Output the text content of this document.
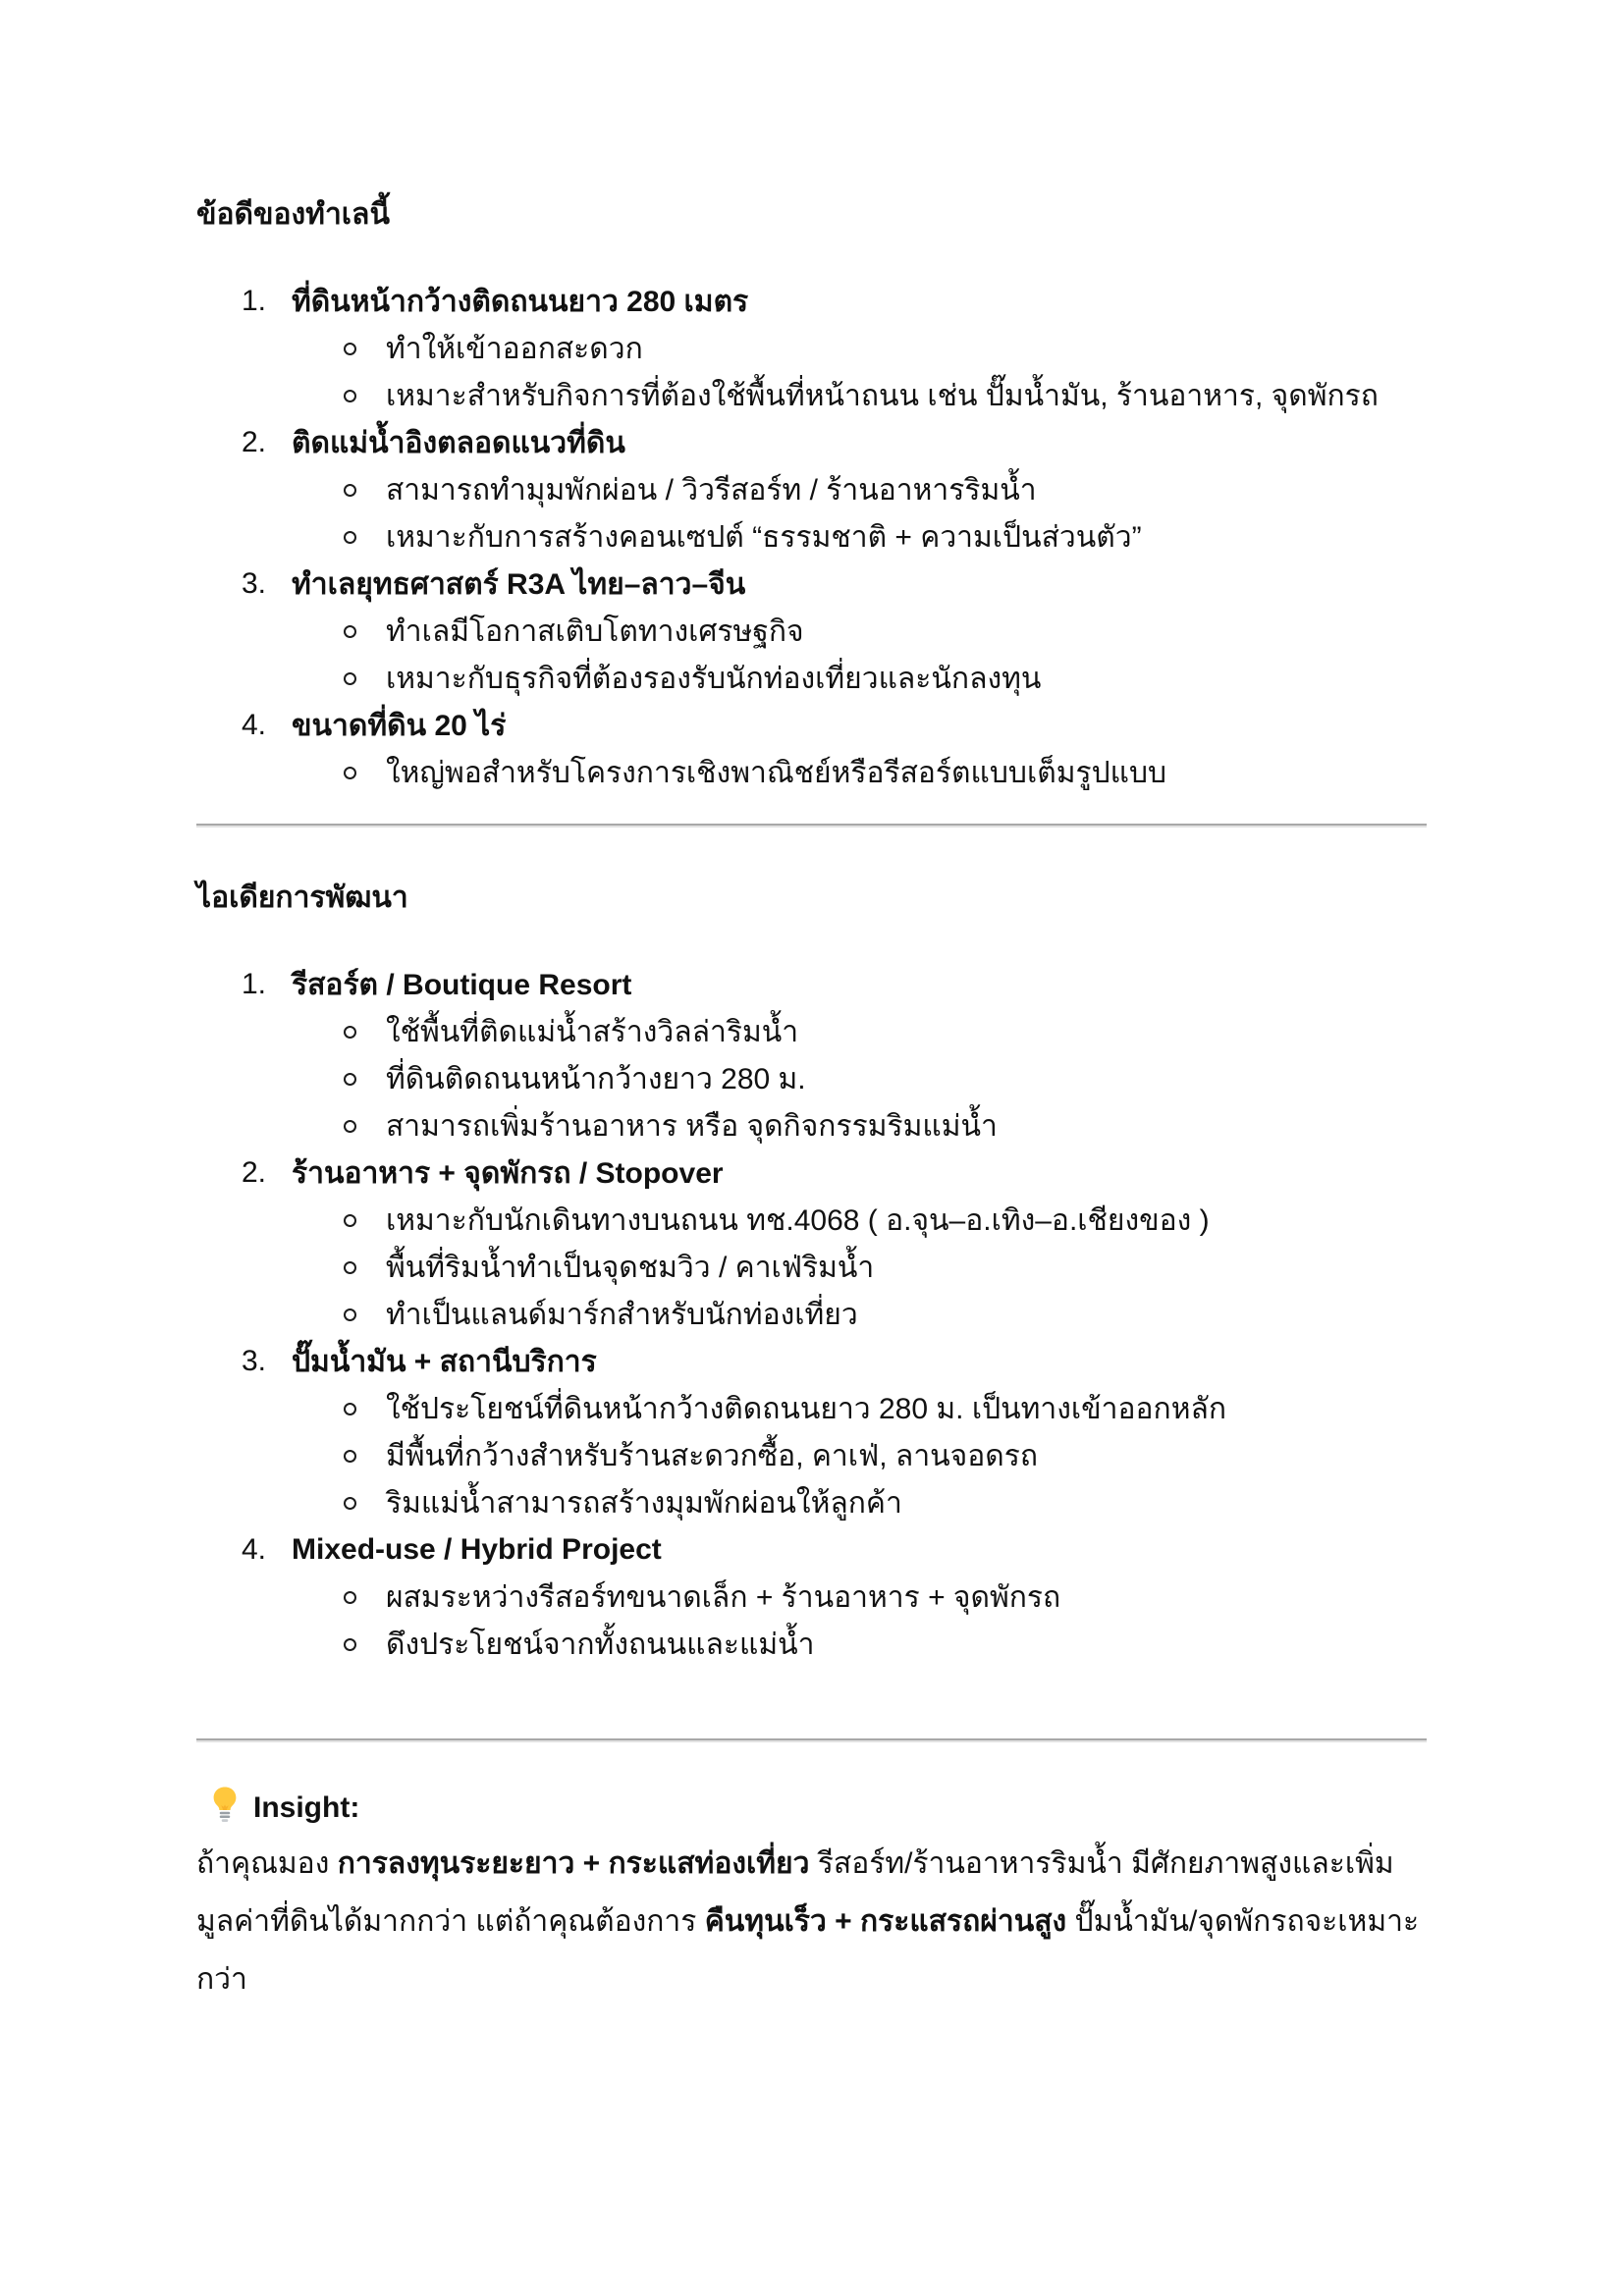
ข้อดีของทำเลนี้

1. ที่ดินหน้ากว้างติดถนนยาว 280 เมตร
ทำให้เข้าออกสะดวก
เหมาะสำหรับกิจการที่ต้องใช้พื้นที่หน้าถนน เช่น ปั๊มน้ำมัน, ร้านอาหาร, จุดพักรถ
2. ติดแม่น้ำอิงตลอดแนวที่ดิน
สามารถทำมุมพักผ่อน / วิวรีสอร์ท / ร้านอาหารริมน้ำ
เหมาะกับการสร้างคอนเซปต์ “ธรรมชาติ + ความเป็นส่วนตัว”
3. ทำเลยุทธศาสตร์ R3A ไทย–ลาว–จีน
ทำเลมีโอกาสเติบโตทางเศรษฐกิจ
เหมาะกับธุรกิจที่ต้องรองรับนักท่องเที่ยวและนักลงทุน
4. ขนาดที่ดิน 20 ไร่
ใหญ่พอสำหรับโครงการเชิงพาณิชย์หรือรีสอร์ตแบบเต็มรูปแบบ

ไอเดียการพัฒนา

1. รีสอร์ต / Boutique Resort
ใช้พื้นที่ติดแม่น้ำสร้างวิลล่าริมน้ำ
ที่ดินติดถนนหน้ากว้างยาว 280 ม.
สามารถเพิ่มร้านอาหาร หรือ จุดกิจกรรมริมแม่น้ำ
2. ร้านอาหาร + จุดพักรถ / Stopover
เหมาะกับนักเดินทางบนถนน ทช.4068 ( อ.จุน–อ.เทิง–อ.เชียงของ )
พื้นที่ริมน้ำทำเป็นจุดชมวิว / คาเฟ่ริมน้ำ
ทำเป็นแลนด์มาร์กสำหรับนักท่องเที่ยว
3. ปั๊มน้ำมัน + สถานีบริการ
ใช้ประโยชน์ที่ดินหน้ากว้างติดถนนยาว 280 ม. เป็นทางเข้าออกหลัก
มีพื้นที่กว้างสำหรับร้านสะดวกซื้อ, คาเฟ่, ลานจอดรถ
ริมแม่น้ำสามารถสร้างมุมพักผ่อนให้ลูกค้า
4. Mixed-use / Hybrid Project
ผสมระหว่างรีสอร์ทขนาดเล็ก + ร้านอาหาร + จุดพักรถ
ดึงประโยชน์จากทั้งถนนและแม่น้ำ
Insight:

ถ้าคุณมอง การลงทุนระยะยาว + กระแสท่องเที่ยว รีสอร์ท/ร้านอาหารริมน้ำ มีศักยภาพสูงและเพิ่มมูลค่าที่ดินได้มากกว่า แต่ถ้าคุณต้องการ คืนทุนเร็ว + กระแสรถผ่านสูง ปั๊มน้ำมัน/จุดพักรถจะเหมาะกว่า
